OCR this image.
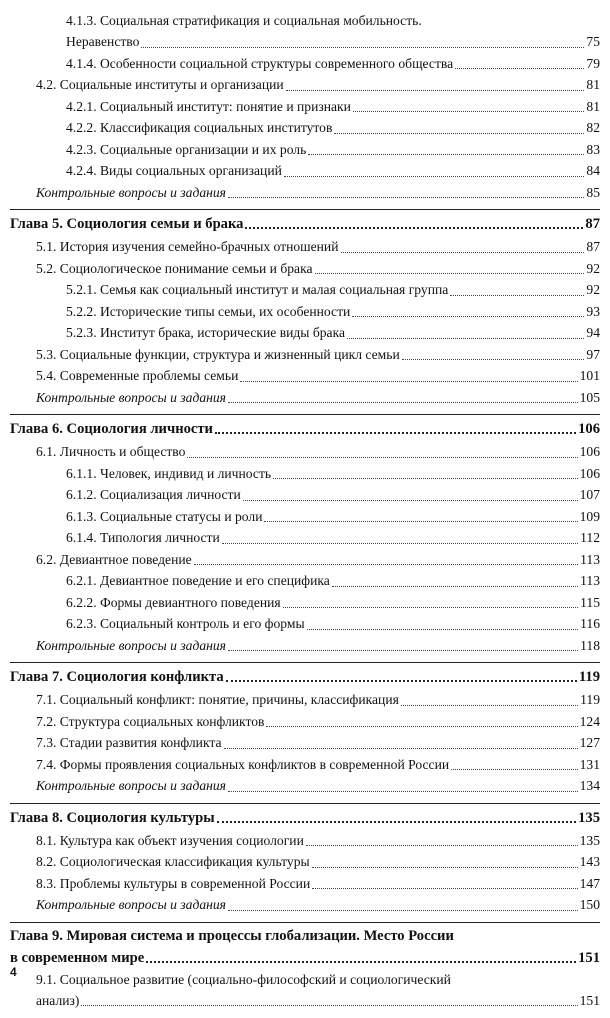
4.1.3. Социальная стратификация и социальная мобильность.
Неравенство	75
4.1.4. Особенности социальной структуры современного общества	79
4.2. Социальные институты и организации	81
4.2.1. Социальный институт: понятие и признаки	81
4.2.2. Классификация социальных институтов	82
4.2.3. Социальные организации и их роль	83
4.2.4. Виды социальных организаций	84
Контрольные вопросы и задания	85
Глава 5. Социология семьи и брака	87
5.1. История изучения семейно-брачных отношений	87
5.2. Социологическое понимание семьи и брака	92
5.2.1. Семья как социальный институт и малая социальная группа	92
5.2.2. Исторические типы семьи, их особенности	93
5.2.3. Институт брака, исторические виды брака	94
5.3. Социальные функции, структура и жизненный цикл семьи	97
5.4. Современные проблемы семьи	101
Контрольные вопросы и задания	105
Глава 6. Социология личности	106
6.1. Личность и общество	106
6.1.1. Человек, индивид и личность	106
6.1.2. Социализация личности	107
6.1.3. Социальные статусы и роли	109
6.1.4. Типология личности	112
6.2. Девиантное поведение	113
6.2.1. Девиантное поведение и его специфика	113
6.2.2. Формы девиантного поведения	115
6.2.3. Социальный контроль и его формы	116
Контрольные вопросы и задания	118
Глава 7. Социология конфликта	119
7.1. Социальный конфликт: понятие, причины, классификация	119
7.2. Структура социальных конфликтов	124
7.3. Стадии развития конфликта	127
7.4. Формы проявления социальных конфликтов в современной России	131
Контрольные вопросы и задания	134
Глава 8. Социология культуры	135
8.1. Культура как объект изучения социологии	135
8.2. Социологическая классификация культуры	143
8.3. Проблемы культуры в современной России	147
Контрольные вопросы и задания	150
Глава 9. Мировая система и процессы глобализации. Место России
в современном мире	151
9.1. Социальное развитие (социально-философский и социологический
анализ)	151
4
